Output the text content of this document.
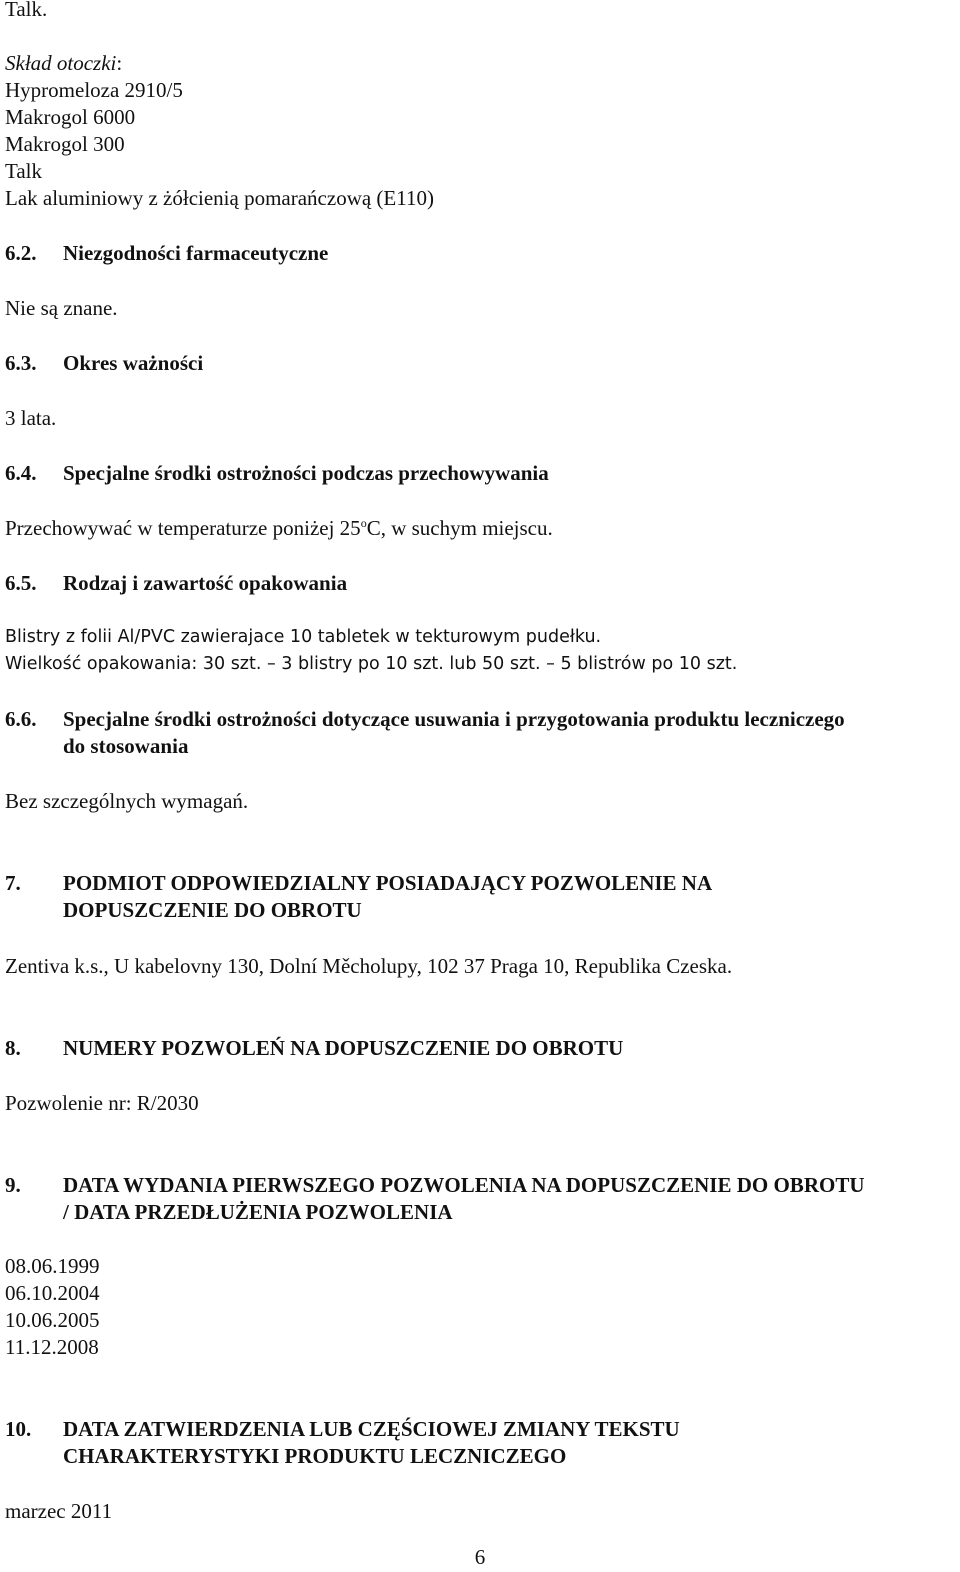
Talk.

Skład otoczki:

Hypromeloza 2910/5

Makrogol 6000

Makrogol 300

Talk

Lak aluminiowy z żółcienią pomarańczową (E110)

6.2. Niezgodności farmaceutyczne

Nie są znane.

6.3. Okres ważności

3 lata.

6.4. Specjalne środki ostrożności podczas przechowywania

Przechowywać w temperaturze poniżej 25$^o$C, w suchym miejscu.

6.5. Rodzaj i zawartość opakowania

Blistry z folii Al/PVC zawierajace 10 tabletek w tekturowym pudełku.

Wielkość opakowania: 30 szt. – 3 blistry po 10 szt. lub 50 szt. – 5 blistrów po 10 szt.

6.6. Specjalne środki ostrożności dotyczące usuwania i przygotowania produktu leczniczego

do stosowania

Bez szczególnych wymagań.

7. PODMIOT ODPOWIEDZIALNY POSIADAJĄCY POZWOLENIE NA

DOPUSZCZENIE DO OBROTU

Zentiva k.s., U kabelovny 130, Dolní Měcholupy, 102 37 Praga 10, Republika Czeska.

8. NUMERY POZWOLEŃ NA DOPUSZCZENIE DO OBROTU

Pozwolenie nr: R/2030

9. DATA WYDANIA PIERWSZEGO POZWOLENIA NA DOPUSZCZENIE DO OBROTU

/ DATA PRZEDŁUŻENIA POZWOLENIA

08.06.1999

06.10.2004

10.06.2005

11.12.2008

10. DATA ZATWIERDZENIA LUB CZĘŚCIOWEJ ZMIANY TEKSTU

CHARAKTERYSTYKI PRODUKTU LECZNICZEGO

marzec 2011

6
